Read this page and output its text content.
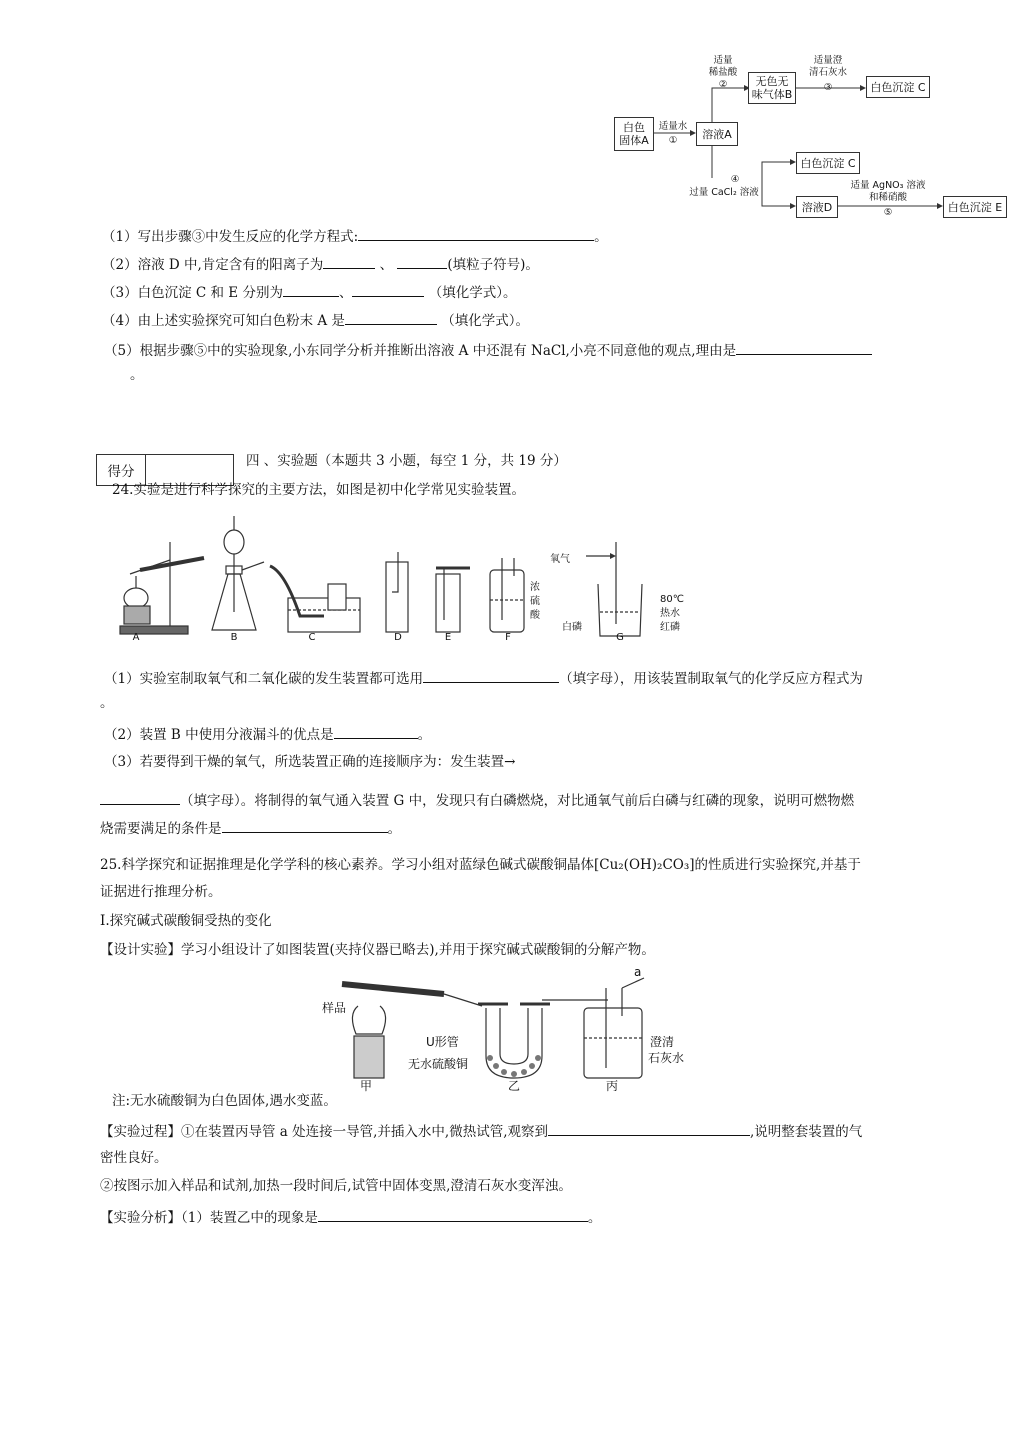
白色
固体A
适量水
①	溶液A
适量
稀盐酸
②	无色无
味气体B
适量澄
清石灰水
③	白色沉淀 C
④
过量 CaCl₂ 溶液
白色沉淀 C
溶液D
适量 AgNO₃ 溶液
和稀硝酸
⑤	白色沉淀 E
（1）写出步骤③中发生反应的化学方程式:	。
（2）溶液 D 中,肯定含有的阳离子为	、	(填粒子符号)。
（3）白色沉淀 C 和 E 分别为	、	（填化学式）。
（4）由上述实验探究可知白色粉末 A 是	（填化学式）。
（5）根据步骤⑤中的实验现象,小东同学分析并推断出溶液 A 中还混有 NaCl,小亮不同意他的观点,理由是
。
得分
四 、实验题（本题共 3 小题，每空 1 分，共 19 分）
24.实验是进行科学探究的主要方法，如图是初中化学常见实验装置。
A	B	C	D	E	F	G
氧气
浓
硫
酸
80℃
热水
白磷	红磷
（1）实验室制取氧气和二氧化碳的发生装置都可选用	（填字母），用该装置制取氧气的化学反应方程式为
。
（2）装置 B 中使用分液漏斗的优点是	。
（3）若要得到干燥的氧气，所选装置正确的连接顺序为：发生装置→
（填字母）。将制得的氧气通入装置 G 中，发现只有白磷燃烧，对比通氧气前后白磷与红磷的现象，说明可燃物燃
烧需要满足的条件是	。
25.科学探究和证据推理是化学学科的核心素养。学习小组对蓝绿色碱式碳酸铜晶体[Cu₂(OH)₂CO₃]的性质进行实验探究,并基于
证据进行推理分析。
Ⅰ.探究碱式碳酸铜受热的变化
【设计实验】学习小组设计了如图装置(夹持仪器已略去),并用于探究碱式碳酸铜的分解产物。
样品
U形管
无水硫酸铜
澄清
石灰水
a
甲	乙	丙
注:无水硫酸铜为白色固体,遇水变蓝。
【实验过程】①在装置丙导管 a 处连接一导管,并插入水中,微热试管,观察到	,说明整套装置的气
密性良好。
②按图示加入样品和试剂,加热一段时间后,试管中固体变黑,澄清石灰水变浑浊。
【实验分析】（1）装置乙中的现象是	。
